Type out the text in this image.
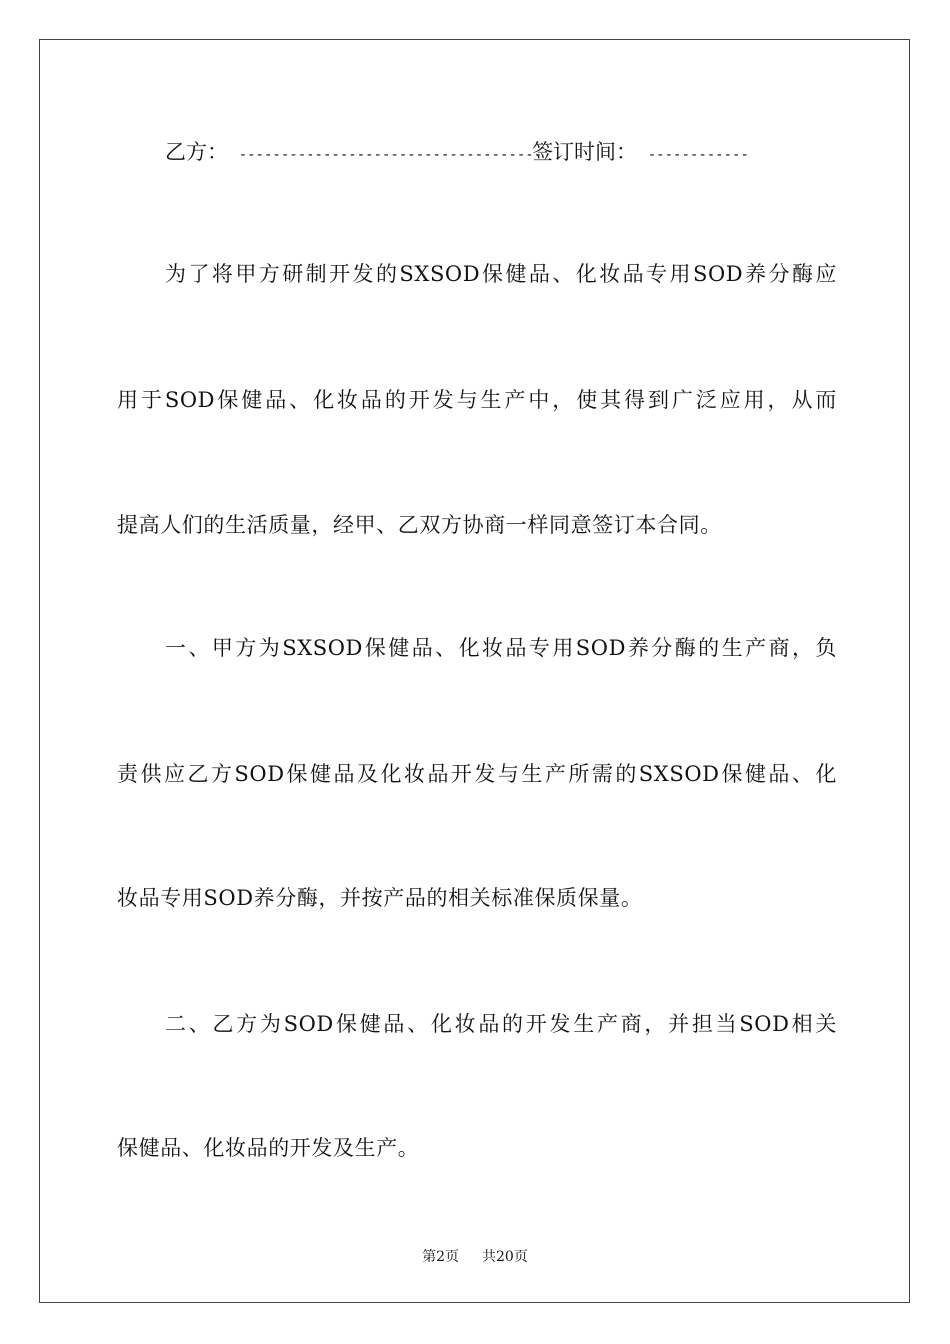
乙方： ------------------------------------  签订时间： ------------
为了将甲方研制开发的SXSOD保健品、化妆品专用SOD养分酶应
用于SOD保健品、化妆品的开发与生产中，使其得到广泛应用，从而
提高人们的生活质量，经甲、乙双方协商一样同意签订本合同。
一、甲方为SXSOD保健品、化妆品专用SOD养分酶的生产商，负
责供应乙方SOD保健品及化妆品开发与生产所需的SXSOD保健品、化
妆品专用SOD养分酶，并按产品的相关标准保质保量。
二、乙方为SOD保健品、化妆品的开发生产商，并担当SOD相关
保健品、化妆品的开发及生产。
第2页 共20页
